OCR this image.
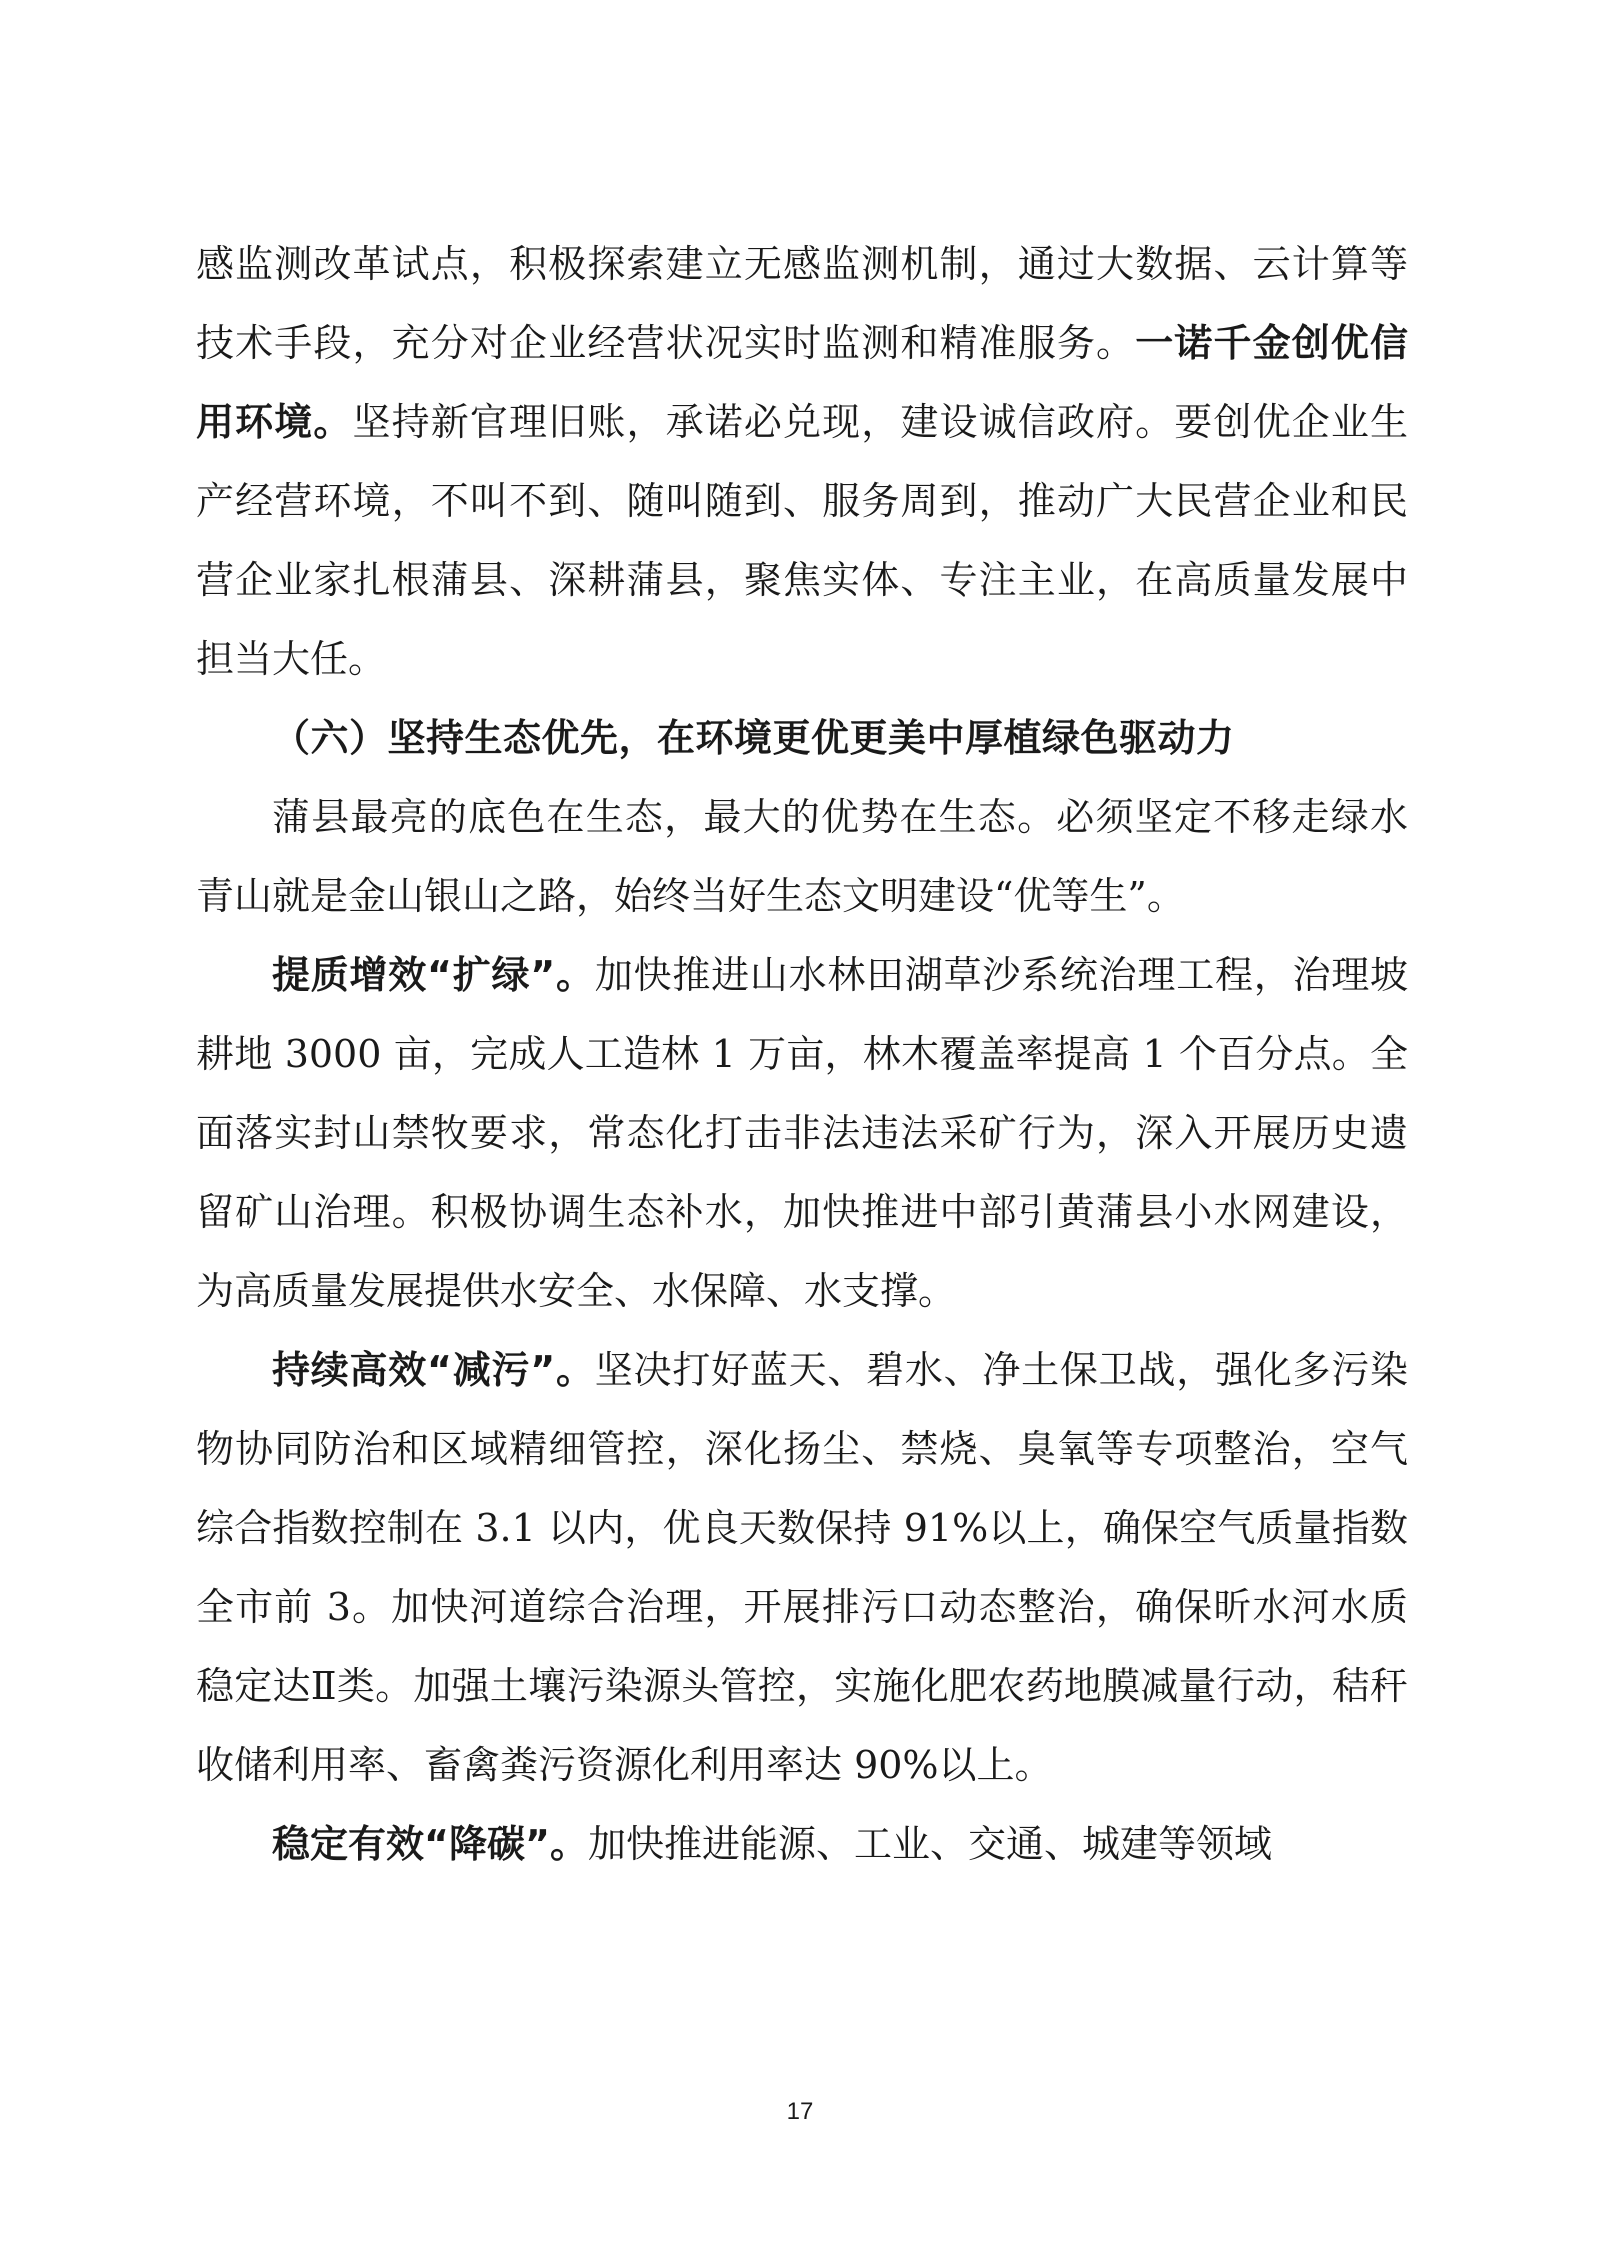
感监测改革试点，积极探索建立无感监测机制，通过大数据、云计算等技术手段，充分对企业经营状况实时监测和精准服务。一诺千金创优信用环境。坚持新官理旧账，承诺必兑现，建设诚信政府。要创优企业生产经营环境，不叫不到、随叫随到、服务周到，推动广大民营企业和民营企业家扎根蒲县、深耕蒲县，聚焦实体、专注主业，在高质量发展中担当大任。

（六）坚持生态优先，在环境更优更美中厚植绿色驱动力

蒲县最亮的底色在生态，最大的优势在生态。必须坚定不移走绿水青山就是金山银山之路，始终当好生态文明建设“优等生”。

提质增效“扩绿”。加快推进山水林田湖草沙系统治理工程，治理坡耕地 3000 亩，完成人工造林 1 万亩，林木覆盖率提高 1 个百分点。全面落实封山禁牧要求，常态化打击非法违法采矿行为，深入开展历史遗留矿山治理。积极协调生态补水，加快推进中部引黄蒲县小水网建设，为高质量发展提供水安全、水保障、水支撑。

持续高效“减污”。坚决打好蓝天、碧水、净土保卫战，强化多污染物协同防治和区域精细管控，深化扬尘、禁烧、臭氧等专项整治，空气综合指数控制在 3.1 以内，优良天数保持 91%以上，确保空气质量指数全市前 3。加快河道综合治理，开展排污口动态整治，确保昕水河水质稳定达Ⅱ类。加强土壤污染源头管控，实施化肥农药地膜减量行动，秸秆收储利用率、畜禽粪污资源化利用率达 90%以上。

稳定有效“降碳”。加快推进能源、工业、交通、城建等领域

17
